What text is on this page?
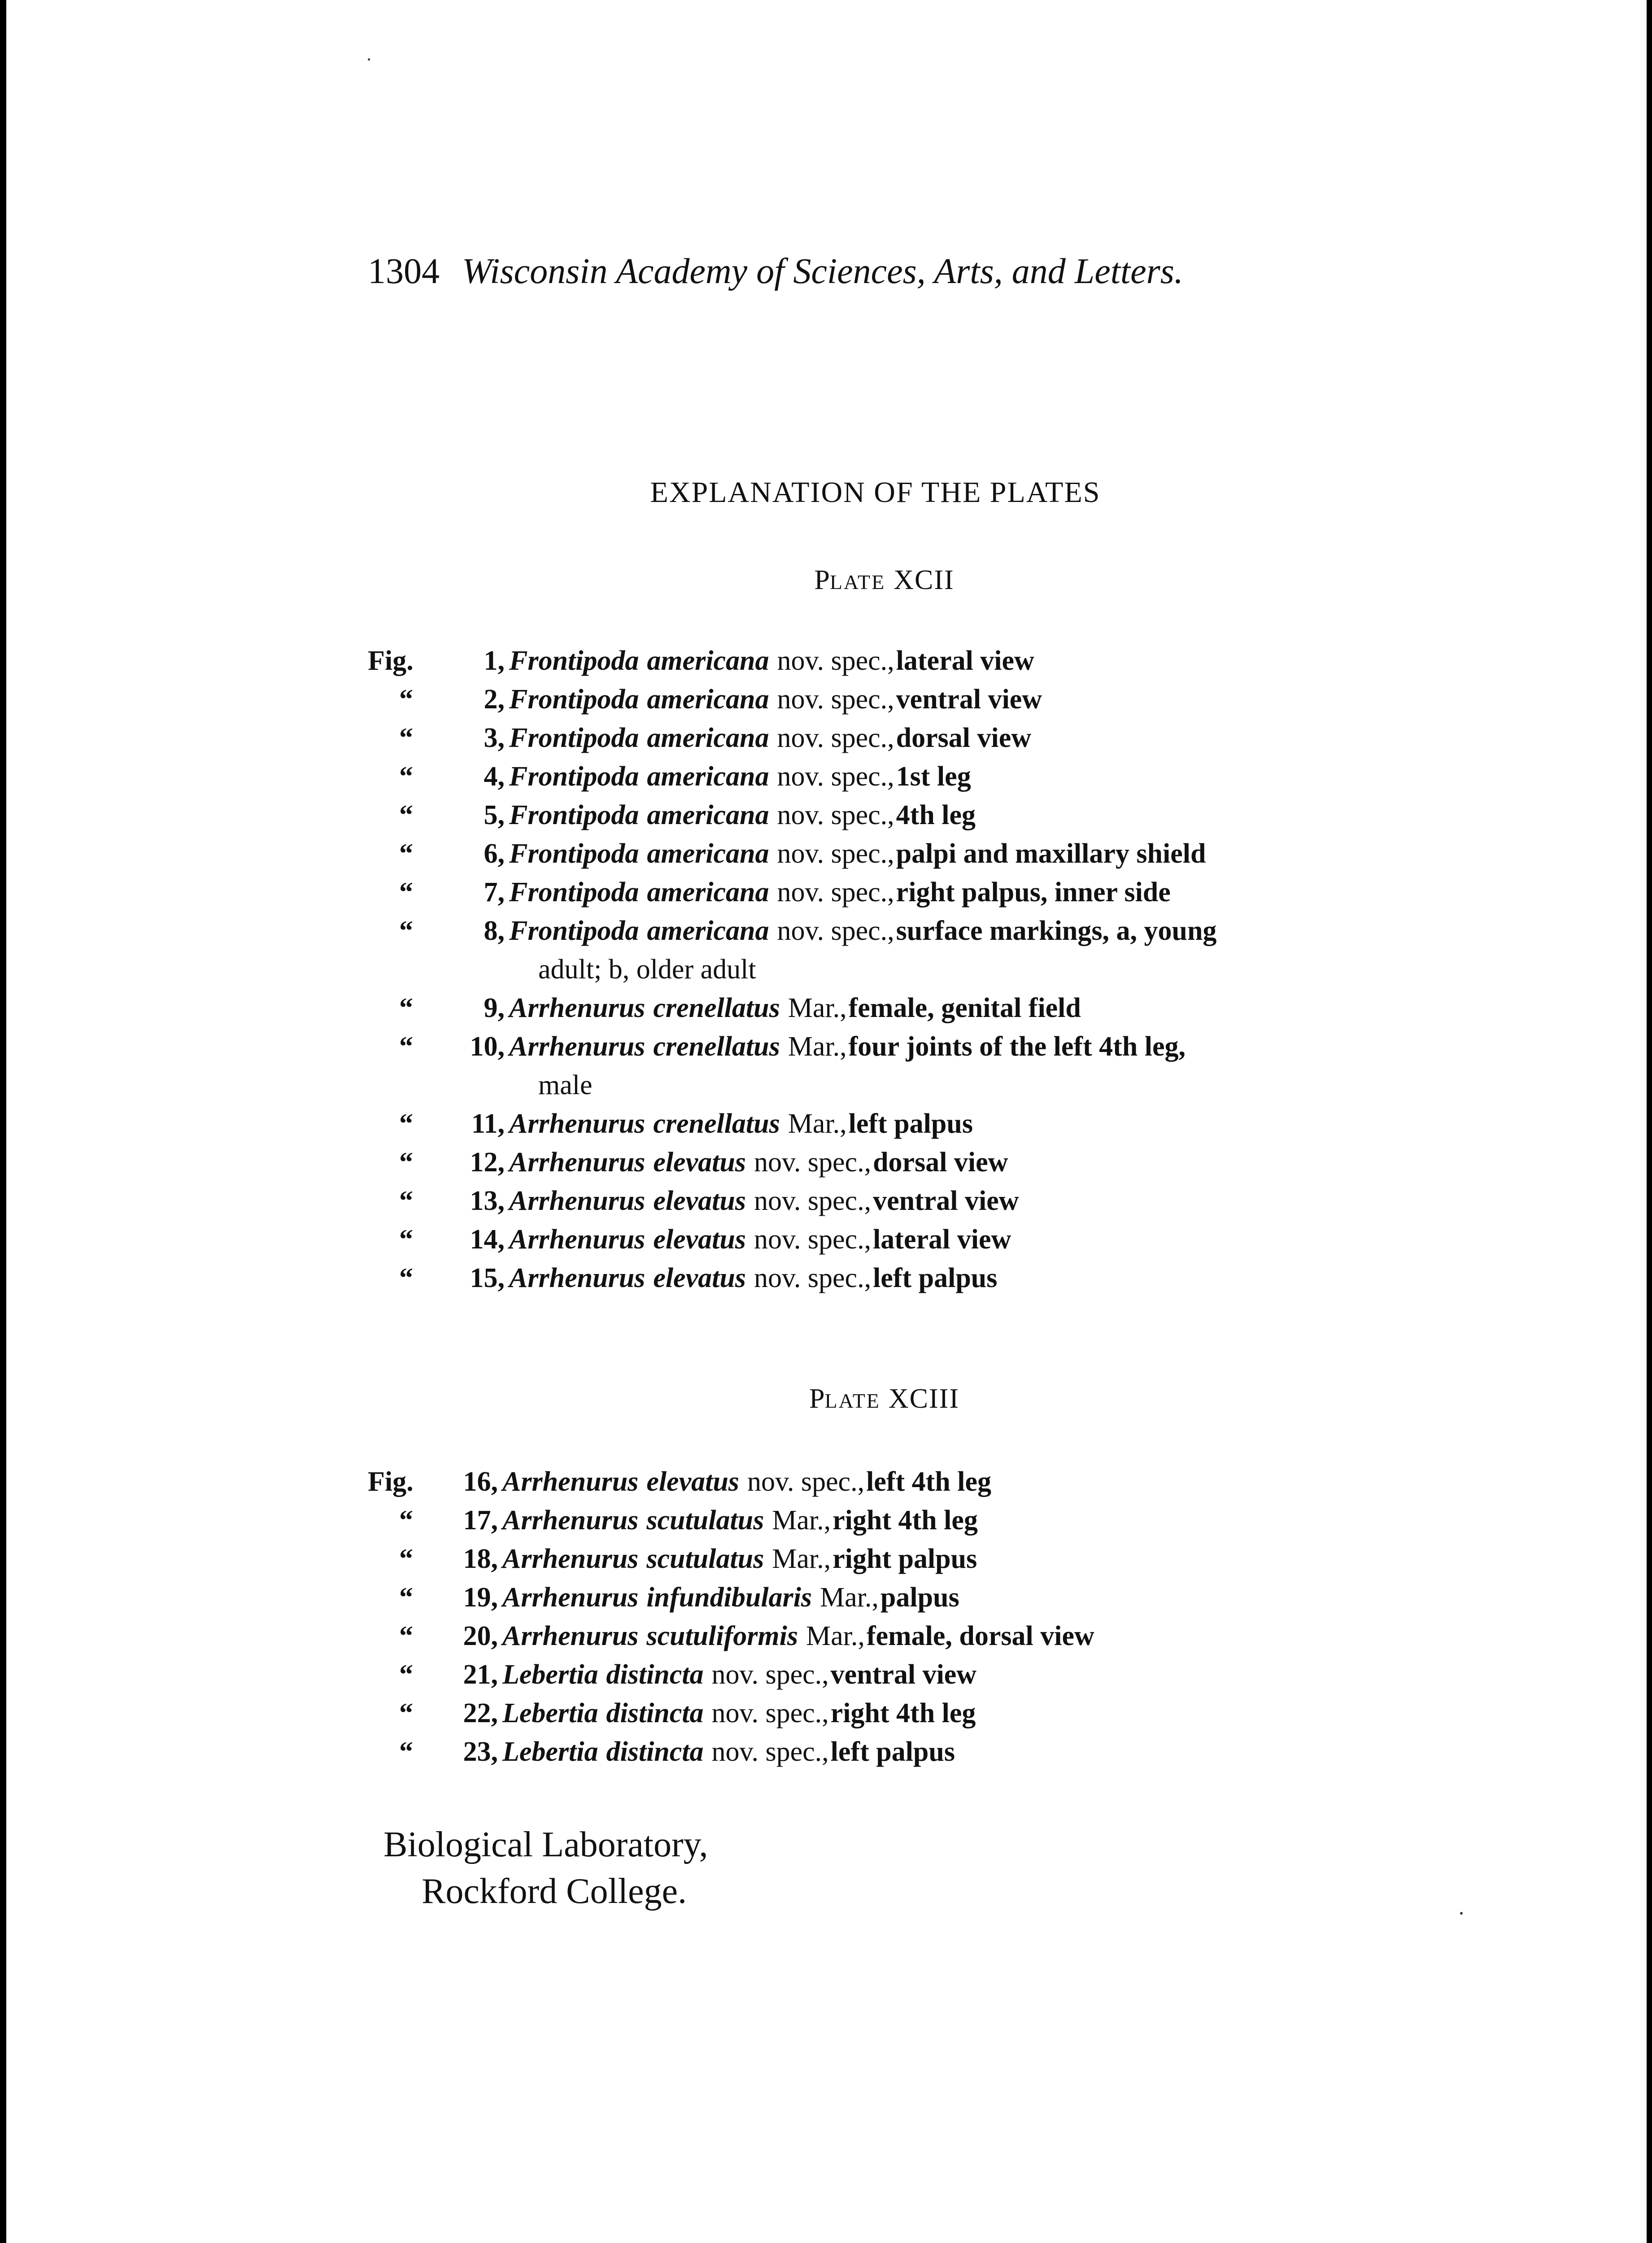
1304 Wisconsin Academy of Sciences, Arts, and Letters.
EXPLANATION OF THE PLATES
PLATE XCII
Fig.	1, Frontipoda americana nov. spec., lateral view
“	2, Frontipoda americana nov. spec., ventral view
“	3, Frontipoda americana nov. spec., dorsal view
“	4, Frontipoda americana nov. spec., 1st leg
“	5, Frontipoda americana nov. spec., 4th leg
“	6, Frontipoda americana nov. spec., palpi and maxillary shield
“	7, Frontipoda americana nov. spec., right palpus, inner side
“	8, Frontipoda americana nov. spec., surface markings, a, young
adult; b, older adult
“	9, Arrhenurus crenellatus Mar., female, genital field
“	10, Arrhenurus crenellatus Mar., four joints of the left 4th leg,
male
“	11, Arrhenurus crenellatus Mar., left palpus
“	12, Arrhenurus elevatus nov. spec., dorsal view
“	13, Arrhenurus elevatus nov. spec., ventral view
“	14, Arrhenurus elevatus nov. spec., lateral view
“	15, Arrhenurus elevatus nov. spec., left palpus
PLATE XCIII
Fig.	16, Arrhenurus elevatus nov. spec., left 4th leg
“	17, Arrhenurus scutulatus Mar., right 4th leg
“	18, Arrhenurus scutulatus Mar., right palpus
“	19, Arrhenurus infundibularis Mar., palpus
“	20, Arrhenurus scutuliformis Mar., female, dorsal view
“	21, Lebertia distincta nov. spec., ventral view
“	22, Lebertia distincta nov. spec., right 4th leg
“	23, Lebertia distincta nov. spec., left palpus
Biological Laboratory,
Rockford College.
